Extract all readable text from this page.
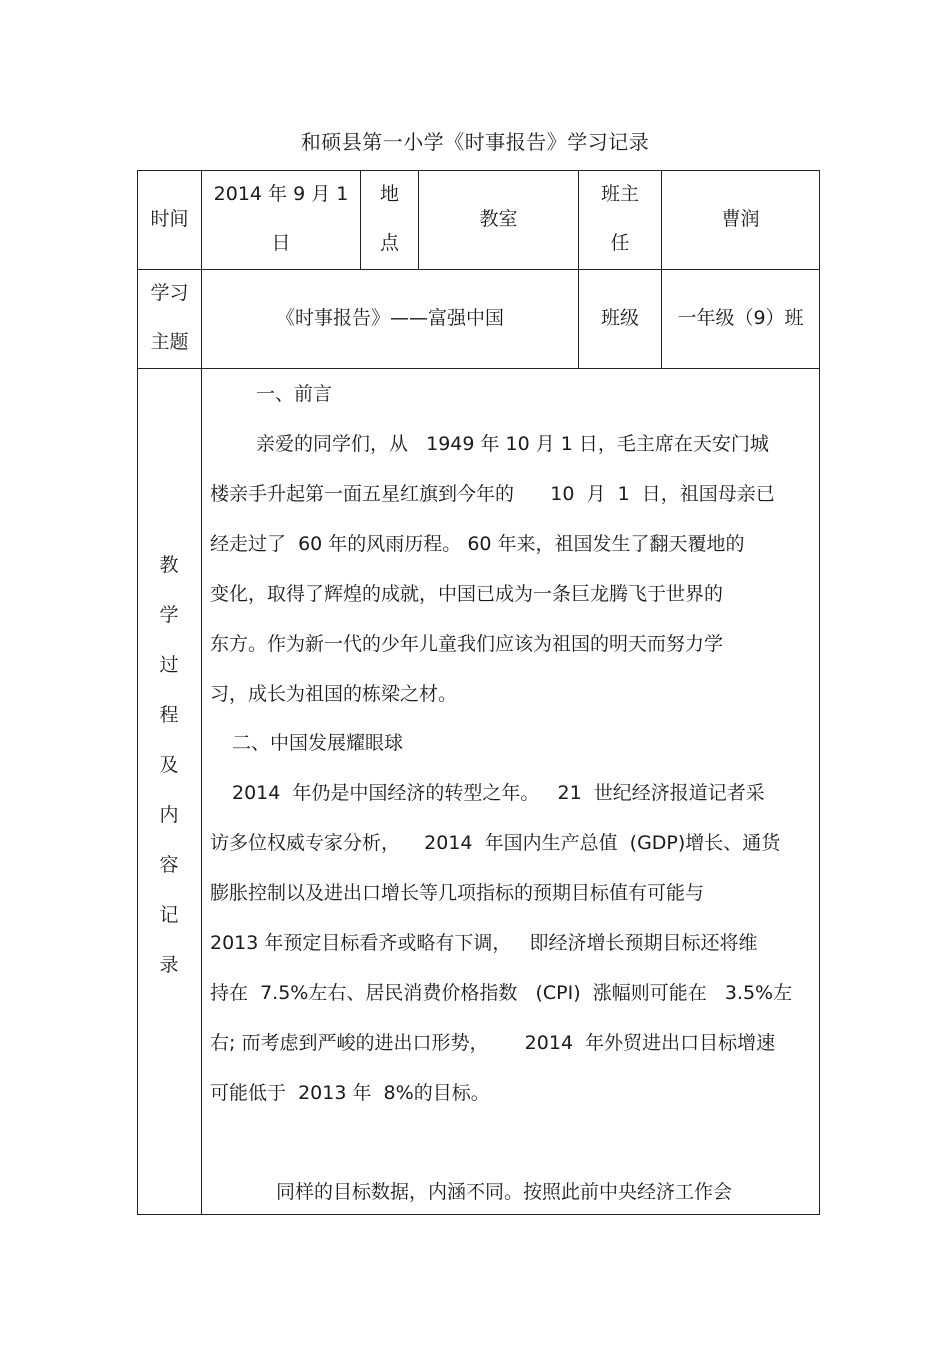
和硕县第一小学《时事报告》学习记录
时间
2014 年 9 月 1
日
地
点
教室
班主
任
曹润
学习
主题
《时事报告》——富强中国	班级	一年级（9）班
教
学
过
程
及
内
容
记
录
一、前言
亲爱的同学们，从   1949 年 10 月 1 日，毛主席在天安门城
楼亲手升起第一面五星红旗到今年的      10  月  1  日，祖国母亲已
经走过了  60 年的风雨历程。 60 年来，祖国发生了翻天覆地的
变化，取得了辉煌的成就，中国已成为一条巨龙腾飞于世界的
东方。作为新一代的少年儿童我们应该为祖国的明天而努力学
习，成长为祖国的栋梁之材。
二、中国发展耀眼球
2014  年仍是中国经济的转型之年。   21  世纪经济报道记者采
访多位权威专家分析，    2014  年国内生产总值  (GDP)增长、通货
膨胀控制以及进出口增长等几项指标的预期目标值有可能与
2013 年预定目标看齐或略有下调，   即经济增长预期目标还将维
持在  7.5%左右、居民消费价格指数   (CPI)  涨幅则可能在   3.5%左
右; 而考虑到严峻的进出口形势，      2014  年外贸进出口目标增速
可能低于  2013 年  8%的目标。
同样的目标数据，内涵不同。按照此前中央经济工作会
